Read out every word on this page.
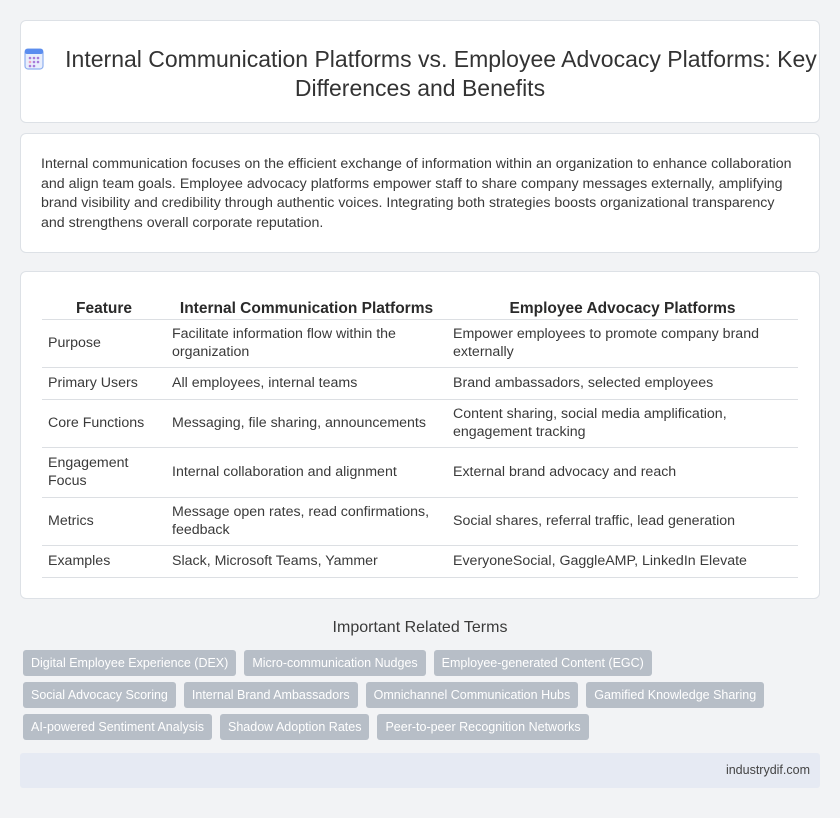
Internal Communication Platforms vs. Employee Advocacy Platforms: Key Differences and Benefits

Internal communication focuses on the efficient exchange of information within an organization to enhance collaboration and align team goals. Employee advocacy platforms empower staff to share company messages externally, amplifying brand visibility and credibility through authentic voices. Integrating both strategies boosts organizational transparency and strengthens overall corporate reputation.

Feature	Internal Communication Platforms	Employee Advocacy Platforms
Purpose	Facilitate information flow within the organization	Empower employees to promote company brand externally
Primary Users	All employees, internal teams	Brand ambassadors, selected employees
Core Functions	Messaging, file sharing, announcements	Content sharing, social media amplification, engagement tracking
Engagement Focus	Internal collaboration and alignment	External brand advocacy and reach
Metrics	Message open rates, read confirmations, feedback	Social shares, referral traffic, lead generation
Examples	Slack, Microsoft Teams, Yammer	EveryoneSocial, GaggleAMP, LinkedIn Elevate
Important Related Terms
Digital Employee Experience (DEX)	Micro-communication Nudges	Employee-generated Content (EGC)
Social Advocacy Scoring	Internal Brand Ambassadors	Omnichannel Communication Hubs	Gamified Knowledge Sharing
AI-powered Sentiment Analysis	Shadow Adoption Rates	Peer-to-peer Recognition Networks
industrydif.com
